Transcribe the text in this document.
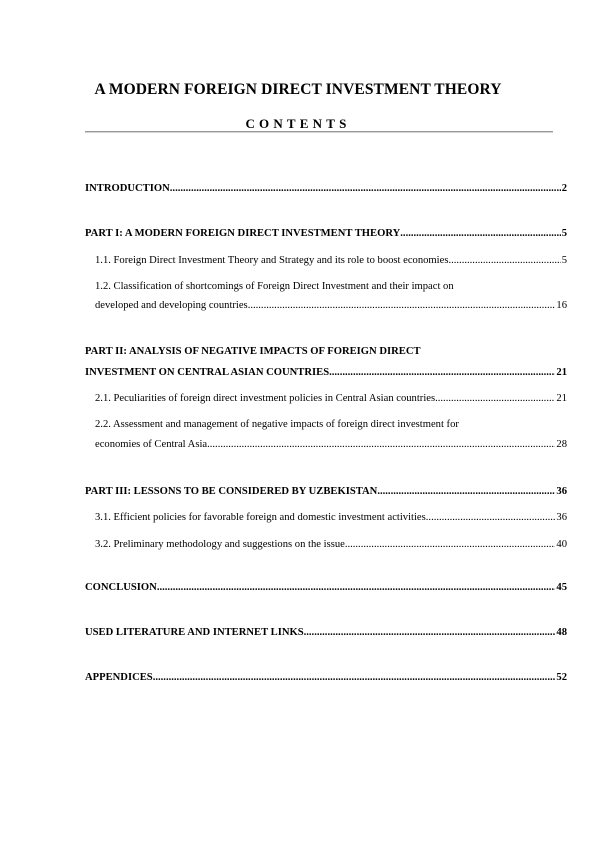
A MODERN FOREIGN DIRECT INVESTMENT THEORY
CONTENTS
INTRODUCTION .....	2
PART I: A MODERN FOREIGN DIRECT INVESTMENT THEORY .....	5
1.1. Foreign Direct Investment Theory and Strategy and its role to boost economies .....	5
1.2. Classification of shortcomings of Foreign Direct Investment and their impact on
developed and developing countries .....	16
PART II: ANALYSIS OF NEGATIVE IMPACTS OF FOREIGN DIRECT
INVESTMENT ON CENTRAL ASIAN COUNTRIES .....	21
2.1. Peculiarities of foreign direct investment policies in Central Asian countries .....	21
2.2. Assessment and management of negative impacts of foreign direct investment for
economies of Central Asia .....	28
PART III: LESSONS TO BE CONSIDERED BY UZBEKISTAN .....	36
3.1. Efficient policies for favorable foreign and domestic investment activities .....	36
3.2. Preliminary methodology and suggestions on the issue .....	40
CONCLUSION .....	45
USED LITERATURE AND INTERNET LINKS .....	48
APPENDICES .....	52
